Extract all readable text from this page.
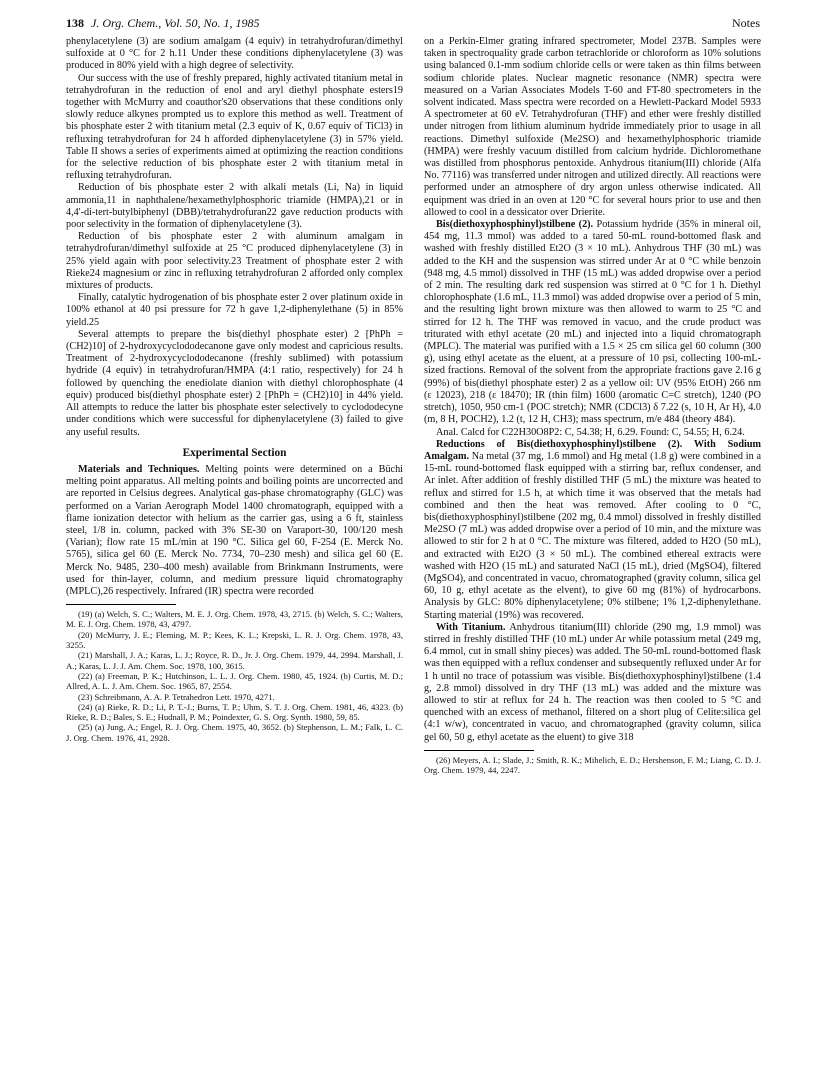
138 J. Org. Chem., Vol. 50, No. 1, 1985	Notes

phenylacetylene (3) are sodium amalgam (4 equiv) in tetrahydrofuran/dimethyl sulfoxide at 0 °C for 2 h.11 Under these conditions diphenylacetylene (3) was produced in 80% yield with a high degree of selectivity.

Our success with the use of freshly prepared, highly activated titanium metal in tetrahydrofuran in the reduction of enol and aryl diethyl phosphate esters19 together with McMurry and coauthor's20 observations that these conditions only slowly reduce alkynes prompted us to explore this method as well. Treatment of bis phosphate ester 2 with titanium metal (2.3 equiv of K, 0.67 equiv of TiCl3) in refluxing tetrahydrofuran for 24 h afforded diphenylacetylene (3) in 57% yield. Table II shows a series of experiments aimed at optimizing the reaction conditions for the selective reduction of bis phosphate ester 2 with titanium metal in refluxing tetrahydrofuran.

Reduction of bis phosphate ester 2 with alkali metals (Li, Na) in liquid ammonia,11 in naphthalene/hexamethylphosphoric triamide (HMPA),21 or in 4,4'-di-tert-butylbiphenyl (DBB)/tetrahydrofuran22 gave reduction products with poor selectivity in the formation of diphenylacetylene (3).

Reduction of bis phosphate ester 2 with aluminum amalgam in tetrahydrofuran/dimethyl sulfoxide at 25 °C produced diphenylacetylene (3) in 25% yield again with poor selectivity.23 Treatment of phosphate ester 2 with Rieke24 magnesium or zinc in refluxing tetrahydrofuran 2 afforded only complex mixtures of products.

Finally, catalytic hydrogenation of bis phosphate ester 2 over platinum oxide in 100% ethanol at 40 psi pressure for 72 h gave 1,2-diphenylethane (5) in 85% yield.25

Several attempts to prepare the bis(diethyl phosphate ester) 2 [PhPh = (CH2)10] of 2-hydroxycyclododecanone gave only modest and capricious results. Treatment of 2-hydroxycyclododecanone (freshly sublimed) with potassium hydride (4 equiv) in tetrahydrofuran/HMPA (4:1 ratio, respectively) for 24 h followed by quenching the enediolate dianion with diethyl chlorophosphate (4 equiv) produced bis(diethyl phosphate ester) 2 [PhPh = (CH2)10] in 44% yield. All attempts to reduce the latter bis phosphate ester selectively to cyclododecyne under conditions which were successful for diphenylacetylene (3) failed to give any useful results.

Experimental Section

Materials and Techniques. Melting points were determined on a Büchi melting point apparatus. All melting points and boiling points are uncorrected and are reported in Celsius degrees. Analytical gas-phase chromatography (GLC) was performed on a Varian Aerograph Model 1400 chromatograph, equipped with a flame ionization detector with helium as the carrier gas, using a 6 ft, stainless steel, 1/8 in. column, packed with 3% SE-30 on Varaport-30, 100/120 mesh (Varian); flow rate 15 mL/min at 190 °C. Silica gel 60, F-254 (E. Merck No. 5765), silica gel 60 (E. Merck No. 7734, 70–230 mesh) and silica gel 60 (E. Merck No. 9485, 230–400 mesh) available from Brinkmann Instruments, were used for thin-layer, column, and medium pressure liquid chromatography (MPLC),26 respectively. Infrared (IR) spectra were recorded

(19) (a) Welch, S. C.; Walters, M. E. J. Org. Chem. 1978, 43, 2715. (b) Welch, S. C.; Walters, M. E. J. Org. Chem. 1978, 43, 4797.

(20) McMurry, J. E.; Fleming, M. P.; Kees, K. L.; Krepski, L. R. J. Org. Chem. 1978, 43, 3255.

(21) Marshall, J. A.; Karas, L. J.; Royce, R. D., Jr. J. Org. Chem. 1979, 44, 2994. Marshall, J. A.; Karas, L. J. J. Am. Chem. Soc. 1978, 100, 3615.

(22) (a) Freeman, P. K.; Hutchinson, L. L. J. Org. Chem. 1980, 45, 1924. (b) Curtis, M. D.; Allred, A. L. J. Am. Chem. Soc. 1965, 87, 2554.

(23) Schreibmann, A. A. P. Tetrahedron Lett. 1970, 4271.

(24) (a) Rieke, R. D.; Li, P. T.-J.; Burns, T. P.; Uhm, S. T. J. Org. Chem. 1981, 46, 4323. (b) Rieke, R. D.; Bales, S. E.; Hudnall, P. M.; Poindexter, G. S. Org. Synth. 1980, 59, 85.

(25) (a) Jung, A.; Engel, R. J. Org. Chem. 1975, 40, 3652. (b) Stephenson, L. M.; Falk, L. C. J. Org. Chem. 1976, 41, 2928.

on a Perkin-Elmer grating infrared spectrometer, Model 237B. Samples were taken in spectroquality grade carbon tetrachloride or chloroform as 10% solutions using balanced 0.1-mm sodium chloride cells or were taken as thin films between sodium chloride plates. Nuclear magnetic resonance (NMR) spectra were measured on a Varian Associates Models T-60 and FT-80 spectrometers in the solvent indicated. Mass spectra were recorded on a Hewlett-Packard Model 5933 A spectrometer at 60 eV. Tetrahydrofuran (THF) and ether were freshly distilled under nitrogen from lithium aluminum hydride immediately prior to usage in all reactions. Dimethyl sulfoxide (Me2SO) and hexamethylphosphoric triamide (HMPA) were freshly vacuum distilled from calcium hydride. Dichloromethane was distilled from phosphorus pentoxide. Anhydrous titanium(III) chloride (Alfa No. 77116) was transferred under nitrogen and utilized directly. All reactions were performed under an atmosphere of dry argon unless otherwise indicated. All equipment was dried in an oven at 120 °C for several hours prior to use and then allowed to cool in a dessicator over Drierite.

Bis(diethoxyphosphinyl)stilbene (2). Potassium hydride (35% in mineral oil, 454 mg, 11.3 mmol) was added to a tared 50-mL round-bottomed flask and washed with freshly distilled Et2O (3 × 10 mL). Anhydrous THF (30 mL) was added to the KH and the suspension was stirred under Ar at 0 °C while benzoin (948 mg, 4.5 mmol) dissolved in THF (15 mL) was added dropwise over a period of 2 min. The resulting dark red suspension was stirred at 0 °C for 1 h. Diethyl chlorophosphate (1.6 mL, 11.3 mmol) was added dropwise over a period of 5 min, and the resulting light brown mixture was then allowed to warm to 25 °C and stirred for 12 h. The THF was removed in vacuo, and the crude product was triturated with ethyl acetate (20 mL) and injected into a liquid chromatograph (MPLC). The material was purified with a 1.5 × 25 cm silica gel 60 column (300 g), using ethyl acetate as the eluent, at a pressure of 10 psi, collecting 100-mL-sized fractions. Removal of the solvent from the appropriate fractions gave 2.16 g (99%) of bis(diethyl phosphate ester) 2 as a yellow oil: UV (95% EtOH) 266 nm (ε 12023), 218 (ε 18470); IR (thin film) 1600 (aromatic C=C stretch), 1240 (PO stretch), 1050, 950 cm-1 (POC stretch); NMR (CDCl3) δ 7.22 (s, 10 H, Ar H), 4.0 (m, 8 H, POCH2), 1.2 (t, 12 H, CH3); mass spectrum, m/e 484 (theory 484).

Anal. Calcd for C22H30O8P2: C, 54.38; H, 6.29. Found: C, 54.55; H, 6.24.

Reductions of Bis(diethoxyphosphinyl)stilbene (2). With Sodium Amalgam. Na metal (37 mg, 1.6 mmol) and Hg metal (1.8 g) were combined in a 15-mL round-bottomed flask equipped with a stirring bar, reflux condenser, and Ar inlet. After addition of freshly distilled THF (5 mL) the mixture was heated to reflux and stirred for 1.5 h, at which time it was observed that the metals had combined and then the heat was removed. After cooling to 0 °C, bis(diethoxyphosphinyl)stilbene (202 mg, 0.4 mmol) dissolved in freshly distilled Me2SO (7 mL) was added dropwise over a period of 10 min, and the mixture was allowed to stir for 2 h at 0 °C. The mixture was filtered, added to H2O (50 mL), and extracted with Et2O (3 × 50 mL). The combined ethereal extracts were washed with H2O (15 mL) and saturated NaCl (15 mL), dried (MgSO4), filtered (MgSO4), and concentrated in vacuo, chromatographed (gravity column, silica gel 60, 10 g, ethyl acetate as the elvent), to give 60 mg (81%) of hydrocarbons. Analysis by GLC: 80% diphenylacetylene; 0% stilbene; 1% 1,2-diphenylethane. Starting material (19%) was recovered.

With Titanium. Anhydrous titanium(III) chloride (290 mg, 1.9 mmol) was stirred in freshly distilled THF (10 mL) under Ar while potassium metal (249 mg, 6.4 mmol, cut in small shiny pieces) was added. The 50-mL round-bottomed flask was then equipped with a reflux condenser and subsequently refluxed under Ar for 1 h until no trace of potassium was visible. Bis(diethoxyphosphinyl)stilbene (1.4 g, 2.8 mmol) dissolved in dry THF (13 mL) was added and the mixture was allowed to stir at reflux for 24 h. The reaction was then cooled to 5 °C and quenched with an excess of methanol, filtered on a short plug of Celite:silica gel (4:1 w/w), concentrated in vacuo, and chromatographed (gravity column, silica gel 60, 50 g, ethyl acetate as the eluent) to give 318

(26) Meyers, A. I.; Slade, J.; Smith, R. K.; Mihelich, E. D.; Hershenson, F. M.; Liang, C. D. J. Org. Chem. 1979, 44, 2247.
